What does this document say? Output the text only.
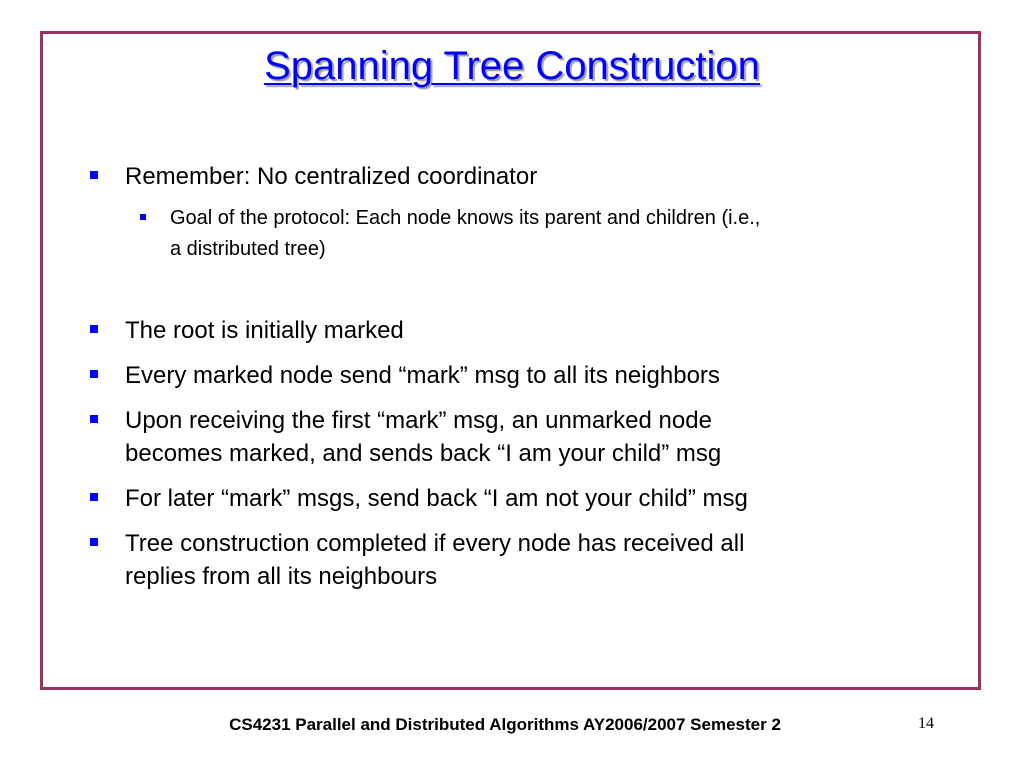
Spanning Tree Construction
Remember: No centralized coordinator
Goal of the protocol: Each node knows its parent and children (i.e.,
a distributed tree)
The root is initially marked
Every marked node send “mark” msg to all its neighbors
Upon receiving the first “mark” msg, an unmarked node
becomes marked, and sends back “I am your child” msg
For later “mark” msgs, send back “I am not your child” msg
Tree construction completed if every node has received all
replies from all its neighbours
CS4231 Parallel and Distributed Algorithms AY2006/2007 Semester 2	14
